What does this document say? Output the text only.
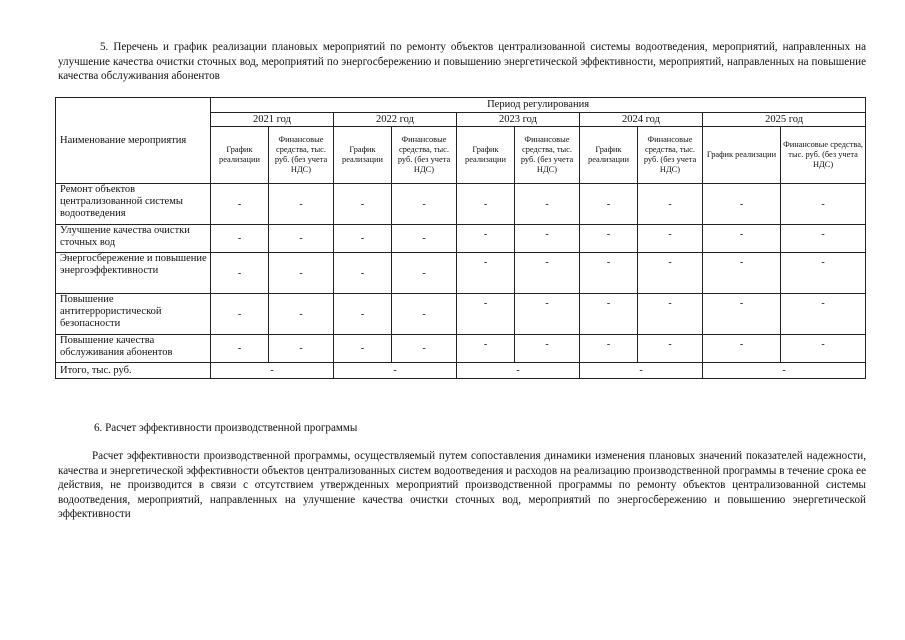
5. Перечень и график реализации плановых мероприятий по ремонту объектов централизованной системы водоотведения, мероприятий, направленных на улучшение качества очистки сточных вод, мероприятий по энергосбережению и повышению энергетической эффективности, мероприятий, направленных на повышение качества обслуживания абонентов
Наименование мероприятия	Период регулирования									
	2021 год		2022 год		2023 год		2024 год		2025 год	
	График реализации	Финансовые средства, тыс. руб. (без учета НДС)	График реализации	Финансовые средства, тыс. руб. (без учета НДС)	График реализации	Финансовые средства, тыс. руб. (без учета НДС)	График реализации	Финансовые средства, тыс. руб. (без учета НДС)	График реализации	Финансовые средства, тыс. руб. (без учета НДС)
Ремонт объектов централизованной системы водоотведения	-	-	-	-	-	-	-	-	-	-
Улучшение качества очистки сточных вод	-	-	-	-	-	-	-	-	-	-
Энергосбережение и повышение энергоэффективности	-	-	-	-	-	-	-	-	-	-
Повышение антитеррористической безопасности	-	-	-	-	-	-	-	-	-	-
Повышение качества обслуживания абонентов	-	-	-	-	-	-	-	-	-	-
Итого, тыс. руб.	-		-		-		-		-	
6. Расчет эффективности производственной программы
Расчет эффективности производственной программы, осуществляемый путем сопоставления динамики изменения плановых значений показателей надежности, качества и энергетической эффективности объектов централизованных систем водоотведения и расходов на реализацию производственной программы в течение срока ее действия, не производится в связи с отсутствием утвержденных мероприятий производственной программы по ремонту объектов централизованной системы водоотведения, мероприятий, направленных на улучшение качества очистки сточных вод, мероприятий по энергосбережению и повышению энергетической эффективности
